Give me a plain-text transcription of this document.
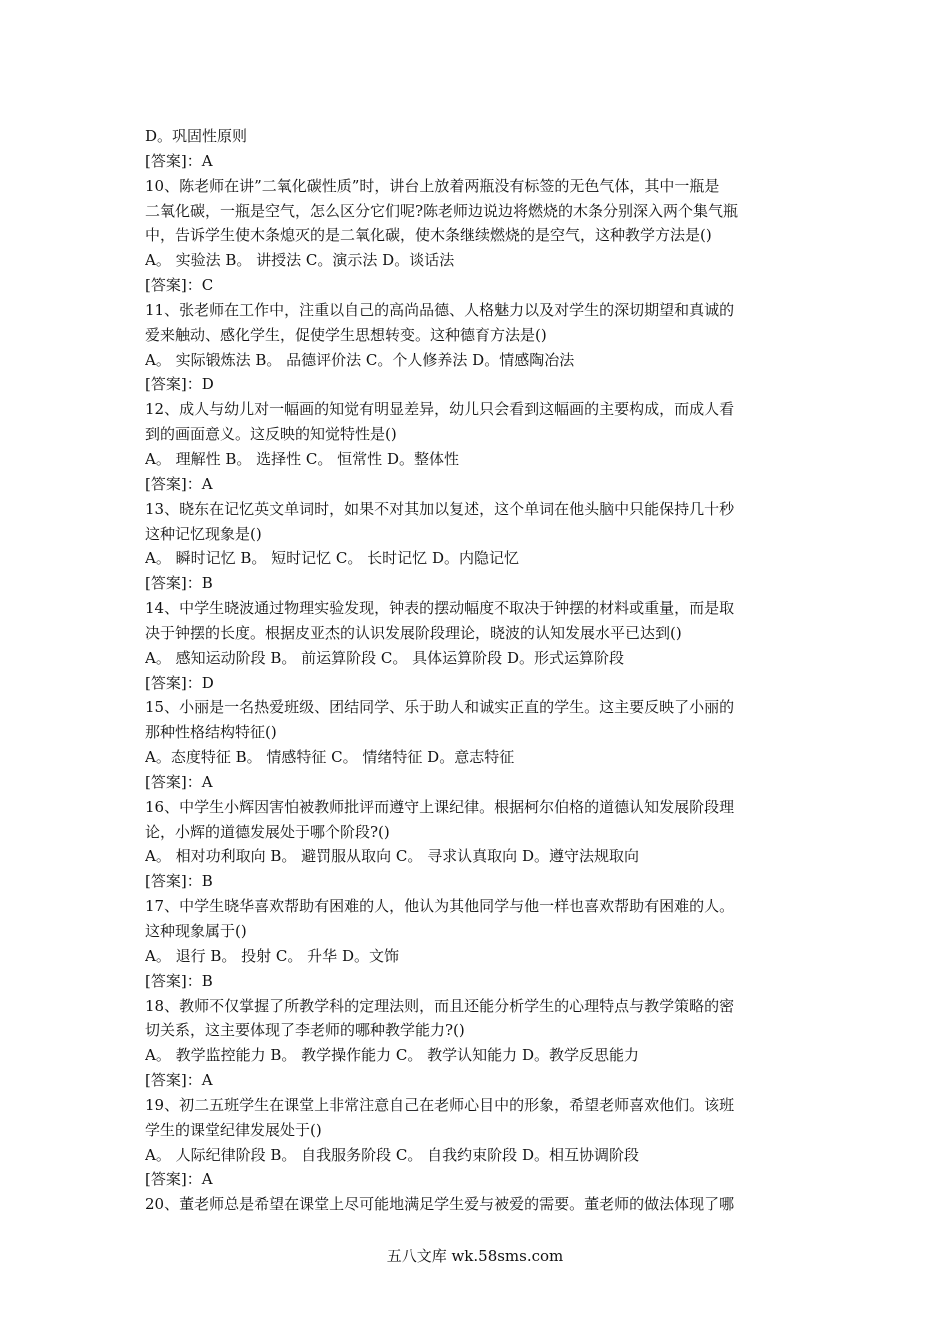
D。巩固性原则
[答案]：A
10、陈老师在讲”二氧化碳性质”时，讲台上放着两瓶没有标签的无色气体，其中一瓶是
二氧化碳，一瓶是空气，怎么区分它们呢?陈老师边说边将燃烧的木条分别深入两个集气瓶
中，告诉学生使木条熄灭的是二氧化碳，使木条继续燃烧的是空气，这种教学方法是()
A。 实验法 B。 讲授法 C。演示法 D。谈话法
[答案]：C
11、张老师在工作中，注重以自己的高尚品德、人格魅力以及对学生的深切期望和真诚的
爱来触动、感化学生，促使学生思想转变。这种德育方法是()
A。 实际锻炼法 B。 品德评价法 C。个人修养法 D。情感陶冶法
[答案]：D
12、成人与幼儿对一幅画的知觉有明显差异，幼儿只会看到这幅画的主要构成，而成人看
到的画面意义。这反映的知觉特性是()
A。 理解性 B。 选择性 C。 恒常性 D。整体性
[答案]：A
13、晓东在记忆英文单词时，如果不对其加以复述，这个单词在他头脑中只能保持几十秒
这种记忆现象是()
A。 瞬时记忆 B。 短时记忆 C。 长时记忆 D。内隐记忆
[答案]：B
14、中学生晓波通过物理实验发现，钟表的摆动幅度不取决于钟摆的材料或重量，而是取
决于钟摆的长度。根据皮亚杰的认识发展阶段理论，晓波的认知发展水平已达到()
A。 感知运动阶段 B。 前运算阶段 C。 具体运算阶段 D。形式运算阶段
[答案]：D
15、小丽是一名热爱班级、团结同学、乐于助人和诚实正直的学生。这主要反映了小丽的
那种性格结构特征()
A。态度特征 B。 情感特征 C。 情绪特征 D。意志特征
[答案]：A
16、中学生小辉因害怕被教师批评而遵守上课纪律。根据柯尔伯格的道德认知发展阶段理
论，小辉的道德发展处于哪个阶段?()
A。 相对功利取向 B。 避罚服从取向 C。 寻求认真取向 D。遵守法规取向
[答案]：B
17、中学生晓华喜欢帮助有困难的人，他认为其他同学与他一样也喜欢帮助有困难的人。
这种现象属于()
A。 退行 B。 投射 C。 升华 D。文饰
[答案]：B
18、教师不仅掌握了所教学科的定理法则，而且还能分析学生的心理特点与教学策略的密
切关系，这主要体现了李老师的哪种教学能力?()
A。 教学监控能力 B。 教学操作能力 C。 教学认知能力 D。教学反思能力
[答案]：A
19、初二五班学生在课堂上非常注意自己在老师心目中的形象，希望老师喜欢他们。该班
学生的课堂纪律发展处于()
A。 人际纪律阶段 B。 自我服务阶段 C。 自我约束阶段 D。相互协调阶段
[答案]：A
20、董老师总是希望在课堂上尽可能地满足学生爱与被爱的需要。董老师的做法体现了哪
五八文库 wk.58sms.com
